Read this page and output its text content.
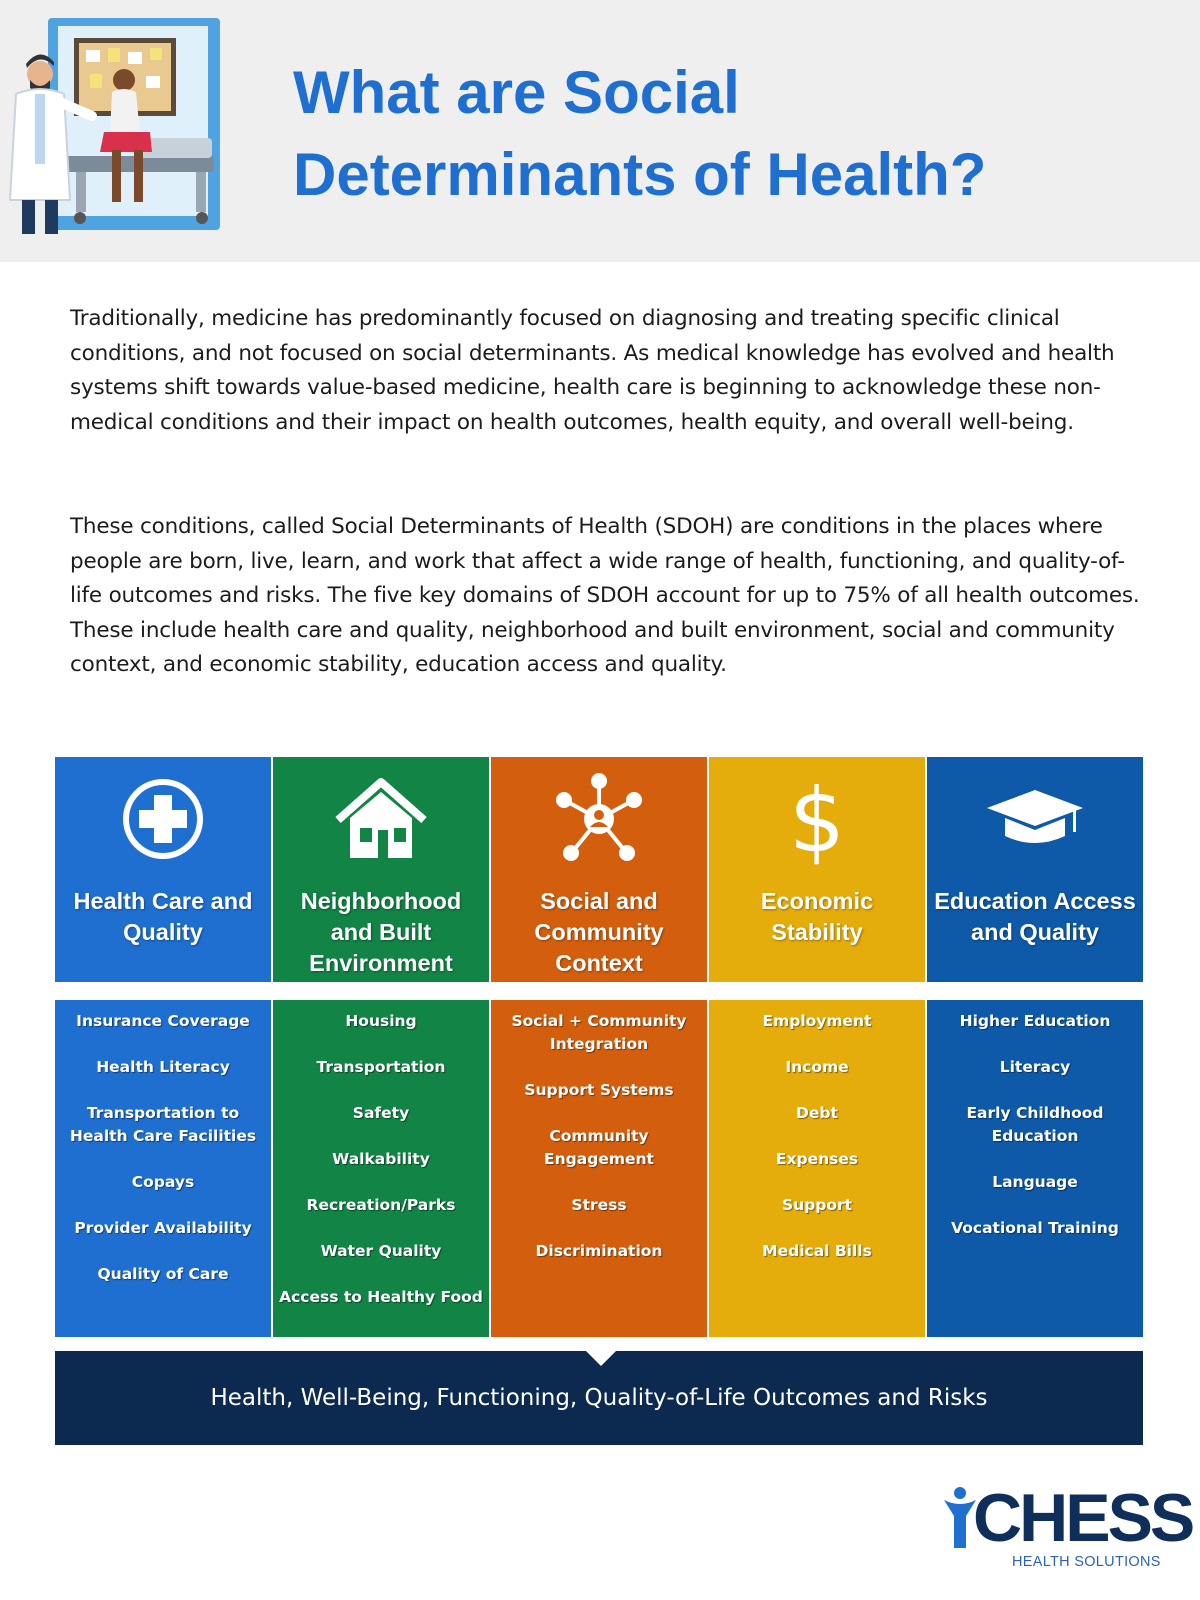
What are Social
Determinants of Health?

Traditionally, medicine has predominantly focused on diagnosing and treating specific clinical conditions, and not focused on social determinants. As medical knowledge has evolved and health systems shift towards value-based medicine, health care is beginning to acknowledge these non-medical conditions and their impact on health outcomes, health equity, and overall well-being.

These conditions, called Social Determinants of Health (SDOH) are conditions in the places where people are born, live, learn, and work that affect a wide range of health, functioning, and quality-of-life outcomes and risks. The five key domains of SDOH account for up to 75% of all health outcomes. These include health care and quality, neighborhood and built environment, social and community context, and economic stability, education access and quality.

Health Care and Quality
Insurance Coverage
Health Literacy
Transportation to Health Care Facilities
Copays
Provider Availability
Quality of Care
Neighborhood and Built Environment
Housing
Transportation
Safety
Walkability
Recreation/Parks
Water Quality
Access to Healthy Food
Social and Community Context
Social + Community Integration
Support Systems
Community Engagement
Stress
Discrimination
$
Economic Stability
Employment
Income
Debt
Expenses
Support
Medical Bills
Education Access and Quality
Higher Education
Literacy
Early Childhood Education
Language
Vocational Training
Health, Well-Being, Functioning, Quality-of-Life Outcomes and Risks
CHESS
HEALTH SOLUTIONS
